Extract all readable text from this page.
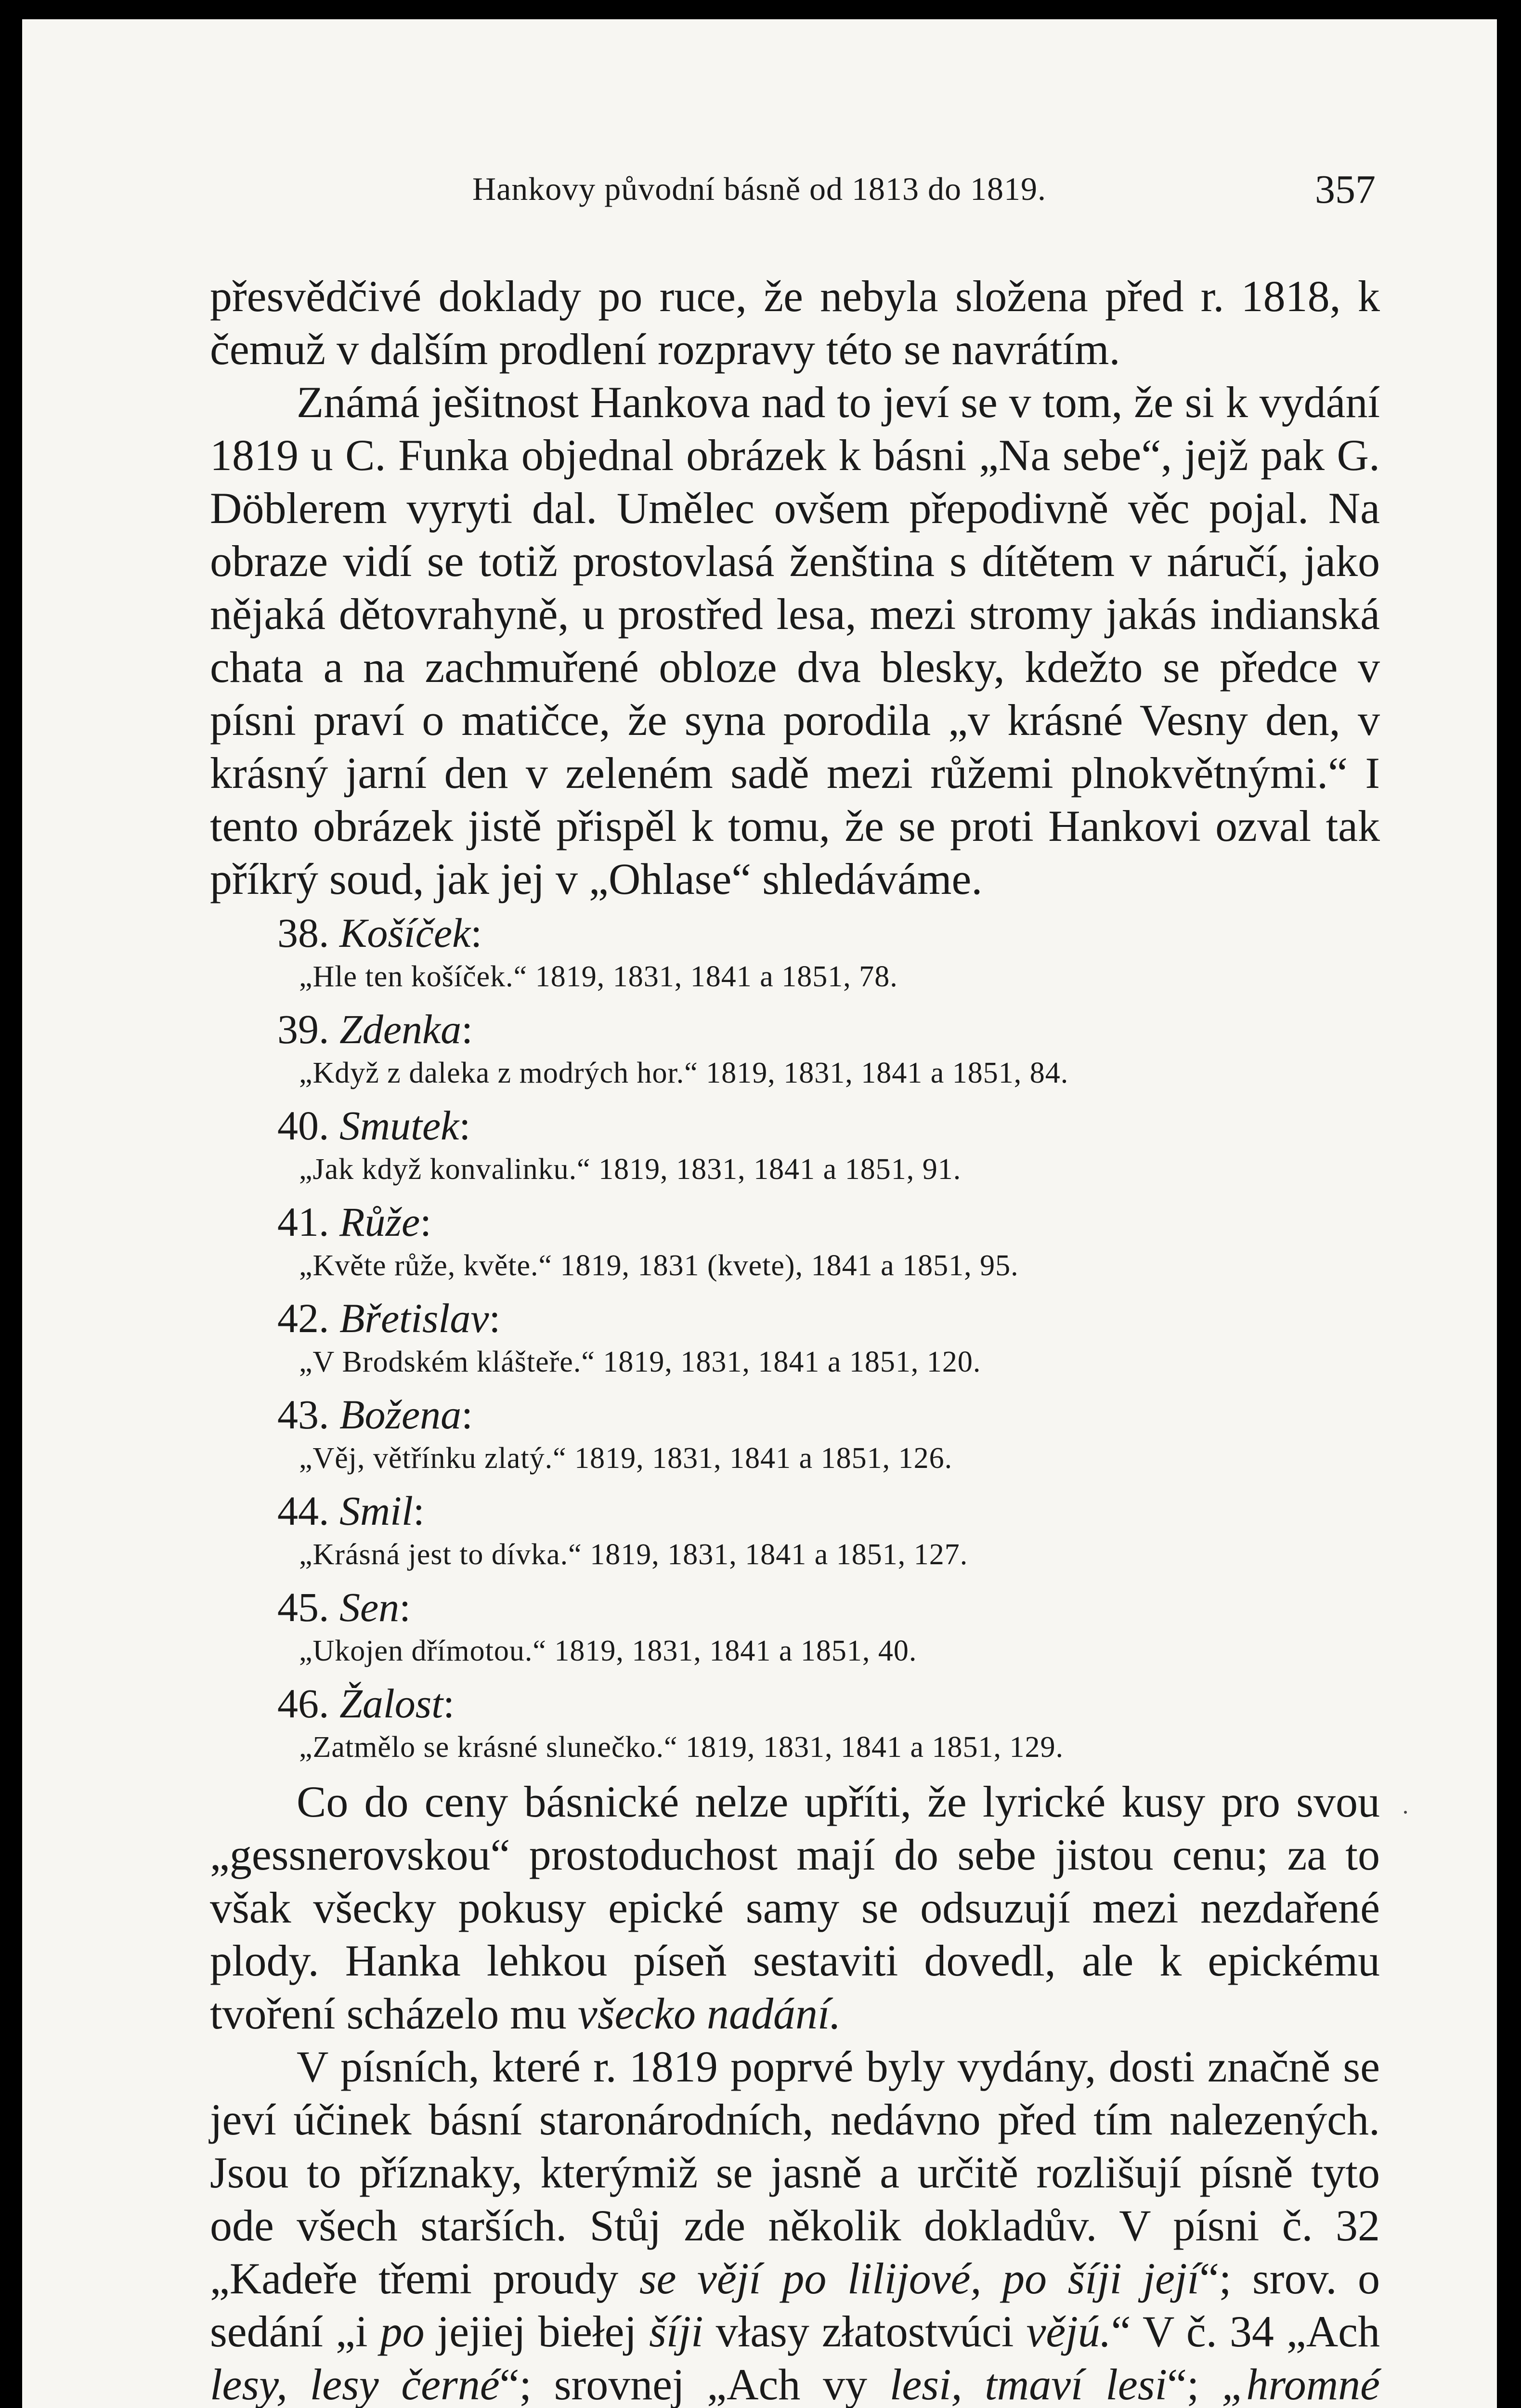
Hankovy původní básně od 1813 do 1819.	357

přesvědčivé doklady po ruce, že nebyla složena před r. 1818, k čemuž v dalším prodlení rozpravy této se navrátím.

Známá ješitnost Hankova nad to jeví se v tom, že si k vydání 1819 u C. Funka objednal obrázek k básni „Na sebe“, jejž pak G. Döblerem vyryti dal. Umělec ovšem přepodivně věc pojal. Na obraze vidí se totiž prostovlasá ženština s dítětem v náručí, jako nějaká dětovrahyně, u prostřed lesa, mezi stromy jakás indianská chata a na zachmuřené obloze dva blesky, kdežto se předce v písni praví o matičce, že syna porodila „v krásné Vesny den, v krásný jarní den v zeleném sadě mezi růžemi plnokvětnými.“ I tento obrázek jistě přispěl k tomu, že se proti Hankovi ozval tak příkrý soud, jak jej v „Ohlase“ shledáváme.

38. Košíček:
„Hle ten košíček.“ 1819, 1831, 1841 a 1851, 78.
39. Zdenka:
„Když z daleka z modrých hor.“ 1819, 1831, 1841 a 1851, 84.
40. Smutek:
„Jak když konvalinku.“ 1819, 1831, 1841 a 1851, 91.
41. Růže:
„Květe růže, květe.“ 1819, 1831 (kvete), 1841 a 1851, 95.
42. Břetislav:
„V Brodském klášteře.“ 1819, 1831, 1841 a 1851, 120.
43. Božena:
„Věj, větřínku zlatý.“ 1819, 1831, 1841 a 1851, 126.
44. Smil:
„Krásná jest to dívka.“ 1819, 1831, 1841 a 1851, 127.
45. Sen:
„Ukojen dřímotou.“ 1819, 1831, 1841 a 1851, 40.
46. Žalost:
„Zatmělo se krásné slunečko.“ 1819, 1831, 1841 a 1851, 129.

Co do ceny básnické nelze upříti, že lyrické kusy pro svou „gessnerovskou“ prostoduchost mají do sebe jistou cenu; za to však všecky pokusy epické samy se odsuzují mezi nezdařené plody. Hanka lehkou píseň sestaviti dovedl, ale k epickému tvoření scházelo mu všecko nadání.

V písních, které r. 1819 poprvé byly vydány, dosti značně se jeví účinek básní staronárodních, nedávno před tím nalezených. Jsou to příznaky, kterýmiž se jasně a určitě rozlišují písně tyto ode všech starších. Stůj zde několik dokladův. V písni č. 32 „Kadeře třemi proudy se vějí po lilijové, po šíji její“; srov. o sedání „i po jejiej biełej šíji vłasy złatostvúci vějú.“ V č. 34 „Ach lesy, lesy černé“; srovnej „Ach vy lesi, tmaví lesi“; „hromné
